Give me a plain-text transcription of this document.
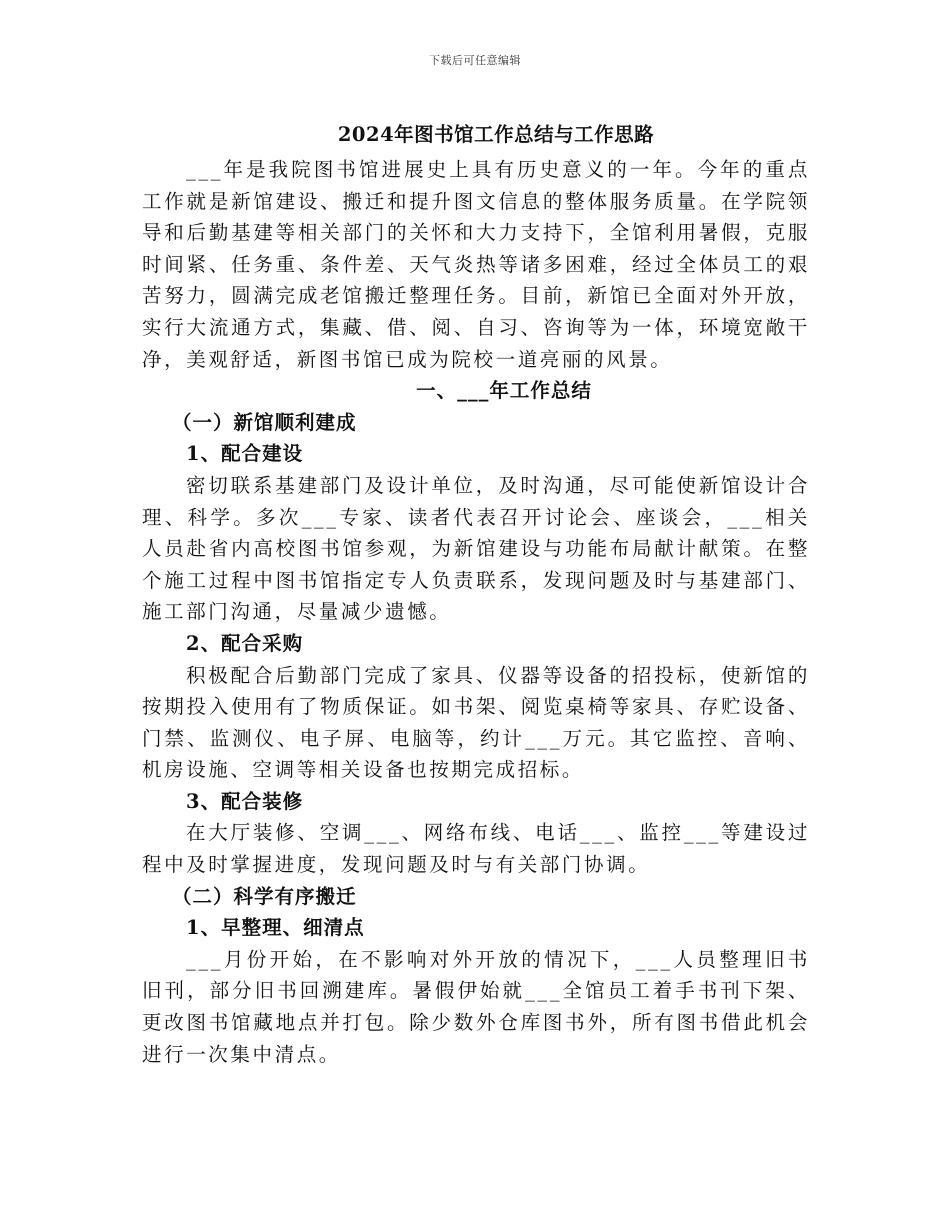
下载后可任意编辑
2024年图书馆工作总结与工作思路

___年是我院图书馆进展史上具有历史意义的一年。今年的重点工作就是新馆建设、搬迁和提升图文信息的整体服务质量。在学院领导和后勤基建等相关部门的关怀和大力支持下，全馆利用暑假，克服时间紧、任务重、条件差、天气炎热等诸多困难，经过全体员工的艰苦努力，圆满完成老馆搬迁整理任务。目前，新馆已全面对外开放，实行大流通方式，集藏、借、阅、自习、咨询等为一体，环境宽敞干净，美观舒适，新图书馆已成为院校一道亮丽的风景。

一、___年工作总结
（一）新馆顺利建成
1、配合建设

密切联系基建部门及设计单位，及时沟通，尽可能使新馆设计合理、科学。多次___专家、读者代表召开讨论会、座谈会，___相关人员赴省内高校图书馆参观，为新馆建设与功能布局献计献策。在整个施工过程中图书馆指定专人负责联系，发现问题及时与基建部门、施工部门沟通，尽量减少遗憾。

2、配合采购

积极配合后勤部门完成了家具、仪器等设备的招投标，使新馆的按期投入使用有了物质保证。如书架、阅览桌椅等家具、存贮设备、门禁、监测仪、电子屏、电脑等，约计___万元。其它监控、音响、机房设施、空调等相关设备也按期完成招标。

3、配合装修

在大厅装修、空调___、网络布线、电话___、监控___等建设过程中及时掌握进度，发现问题及时与有关部门协调。

（二）科学有序搬迁
1、早整理、细清点

___月份开始，在不影响对外开放的情况下，___人员整理旧书旧刊，部分旧书回溯建库。暑假伊始就___全馆员工着手书刊下架、更改图书馆藏地点并打包。除少数外仓库图书外，所有图书借此机会进行一次集中清点。
